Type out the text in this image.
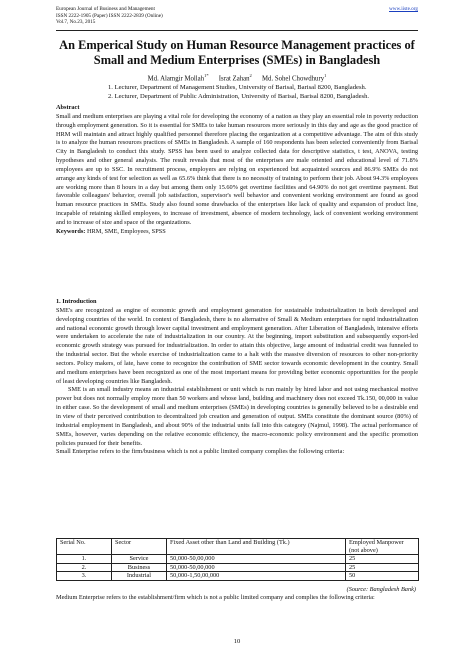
European Journal of Business and Management	www.iiste.org
ISSN 2222-1905 (Paper) ISSN 2222-2839 (Online)
Vol.7, No.23, 2015
An Emperical Study on Human Resource Management practices of Small and Medium Enterprises (SMEs) in Bangladesh
Md. Alamgir Mollah$^{1*}$ Israt Zahan$^2$ Md. Sohel Chowdhury$^1$
1. Lecturer, Department of Management Studies, University of Barisal, Barisal 8200, Bangladesh.
2. Lecturer, Department of Public Administration, University of Barisal, Barisal 8200, Bangladesh.
Abstract
Small and medium enterprises are playing a vital role for developing the economy of a nation as they play an essential role in poverty reduction through employment generation. So it is essential for SMEs to take human resources more seriously in this day and age as the good practice of HRM will maintain and attract highly qualified personnel therefore placing the organization at a competitive advantage. The aim of this study is to analyze the human resources practices of SMEs in Bangladesh. A sample of 160 respondents has been selected conveniently from Barisal City in Bangladesh to conduct this study. SPSS has been used to analyze collected data for descriptive statistics, t test, ANOVA, testing hypotheses and other general analysis. The result reveals that most of the enterprises are male oriented and educational level of 71.8% employees are up to SSC. In recruitment process, employers are relying on experienced but acquainted sources and 86.9% SMEs do not arrange any kinds of test for selection as well as 65.6% think that there is no necessity of training to perform their job. About 94.3% employees are working more than 8 hours in a day but among them only 15.60% get overtime facilities and 64.90% do not get overtime payment. But favorable colleagues' behavior, overall job satisfaction, supervisor's well behavior and convenient working environment are found as good human resource practices in SMEs. Study also found some drawbacks of the enterprises like lack of quality and expansion of product line, incapable of retaining skilled employees, to increase of investment, absence of modern technology, lack of convenient working environment and to increase of size and space of the organizations.
Keywords: HRM, SME, Employees, SPSS
1. Introduction
SME's are recognized as engine of economic growth and employment generation for sustainable industrialization in both developed and developing countries of the world. In context of Bangladesh, there is no alternative of Small & Medium enterprises for rapid industrialization and national economic growth through lower capital investment and employment generation. After Liberation of Bangladesh, intensive efforts were undertaken to accelerate the rate of industrialization in our country. At the beginning, import substitution and subsequently export-led economic growth strategy was pursued for industrialization. In order to attain this objective, large amount of industrial credit was funneled to the industrial sector. But the whole exercise of industrialization came to a halt with the massive diversion of resources to other non-priority sectors. Policy makers, of late, have come to recognize the contribution of SME sector towards economic development in the country. Small and medium enterprises have been recognized as one of the most important means for providing better economic opportunities for the people of least developing countries like Bangladesh.
SME is an small industry means an industrial establishment or unit which is run mainly by hired labor and not using mechanical motive power but does not normally employ more than 50 workers and whose land, building and machinery does not exceed Tk.150, 00,000 in value in either case. So the development of small and medium enterprises (SMEs) in developing countries is generally believed to be a desirable end in view of their perceived contribution to decentralized job creation and generation of output. SMEs constitute the dominant source (80%) of industrial employment in Bangladesh, and about 90% of the industrial units fall into this category (Najmul, 1998). The actual performance of SMEs, however, varies depending on the relative economic efficiency, the macro-economic policy environment and the specific promotion policies pursued for their benefits.
Small Enterprise refers to the firm/business which is not a public limited company complies the following criteria:
Serial No.	Sector	Fixed Asset other than Land and Building (Tk.)	Employed Manpower (not above)
1.	Service	50,000-50,00,000	25
2.	Business	50,000-50,00,000	25
3.	Industrial	50,000-1,50,00,000	50
(Source: Bangladesh Bank)
Medium Enterprise refers to the establishment/firm which is not a public limited company and complies the following criteria:
10
